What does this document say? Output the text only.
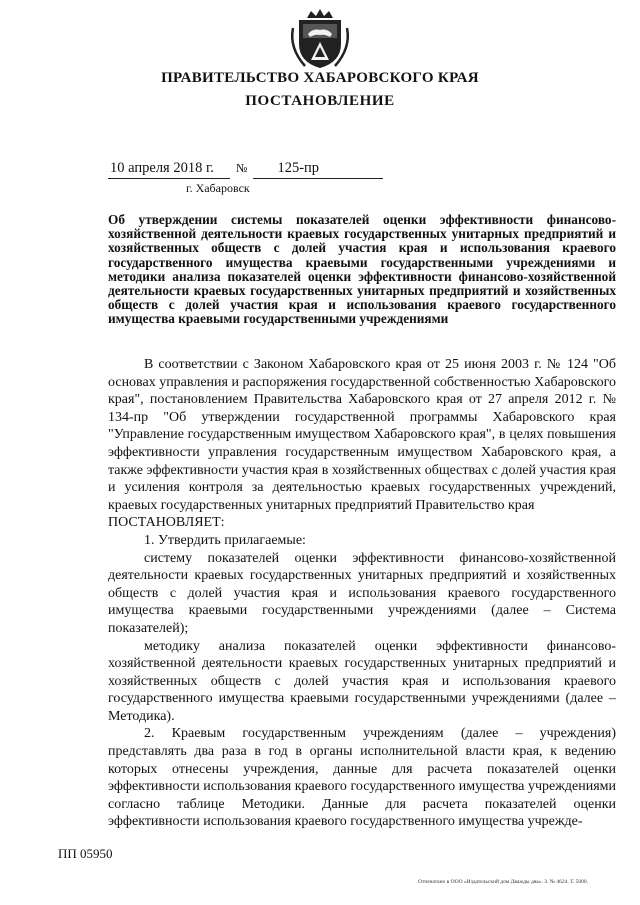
ПРАВИТЕЛЬСТВО ХАБАРОВСКОГО КРАЯ
ПОСТАНОВЛЕНИЕ
10 апреля 2018 г.	№	125-пр
г. Хабаровск
Об утверждении системы показателей оценки эффективности финансово-хозяйственной деятельности краевых государственных унитарных предприятий и хозяйственных обществ с долей участия края и использования краевого государственного имущества краевыми государственными учреждениями и методики анализа показателей оценки эффективности финансово-хозяйственной деятельности краевых государственных унитарных предприятий и хозяйственных обществ с долей участия края и использования краевого государственного имущества краевыми государственными учреждениями

В соответствии с Законом Хабаровского края от 25 июня 2003 г. № 124 "Об основах управления и распоряжения государственной собственностью Хабаровского края", постановлением Правительства Хабаровского края от 27 апреля 2012 г. № 134-пр "Об утверждении государственной программы Хабаровского края "Управление государственным имуществом Хабаровского края", в целях повышения эффективности управления государственным имуществом Хабаровского края, а также эффективности участия края в хозяйственных обществах с долей участия края и усиления контроля за деятельностью краевых государственных учреждений, краевых государственных унитарных предприятий Правительство края

ПОСТАНОВЛЯЕТ:

1. Утвердить прилагаемые:

систему показателей оценки эффективности финансово-хозяйственной деятельности краевых государственных унитарных предприятий и хозяйственных обществ с долей участия края и использования краевого государственного имущества краевыми государственными учреждениями (далее – Система показателей);

методику анализа показателей оценки эффективности финансово-хозяйственной деятельности краевых государственных унитарных предприятий и хозяйственных обществ с долей участия края и использования краевого государственного имущества краевыми государственными учреждениями (далее – Методика).

2. Краевым государственным учреждениям (далее – учреждения) представлять два раза в год в органы исполнительной власти края, к ведению которых отнесены учреждения, данные для расчета показателей оценки эффективности использования краевого государственного имущества учреждениями согласно таблице Методики. Данные для расчета показателей оценки эффективности использования краевого государственного имущества учрежде-

ПП 05950
Отпечатано в ООО «Издательский дом Дважды два». З. № 4624. Т. 5000.
